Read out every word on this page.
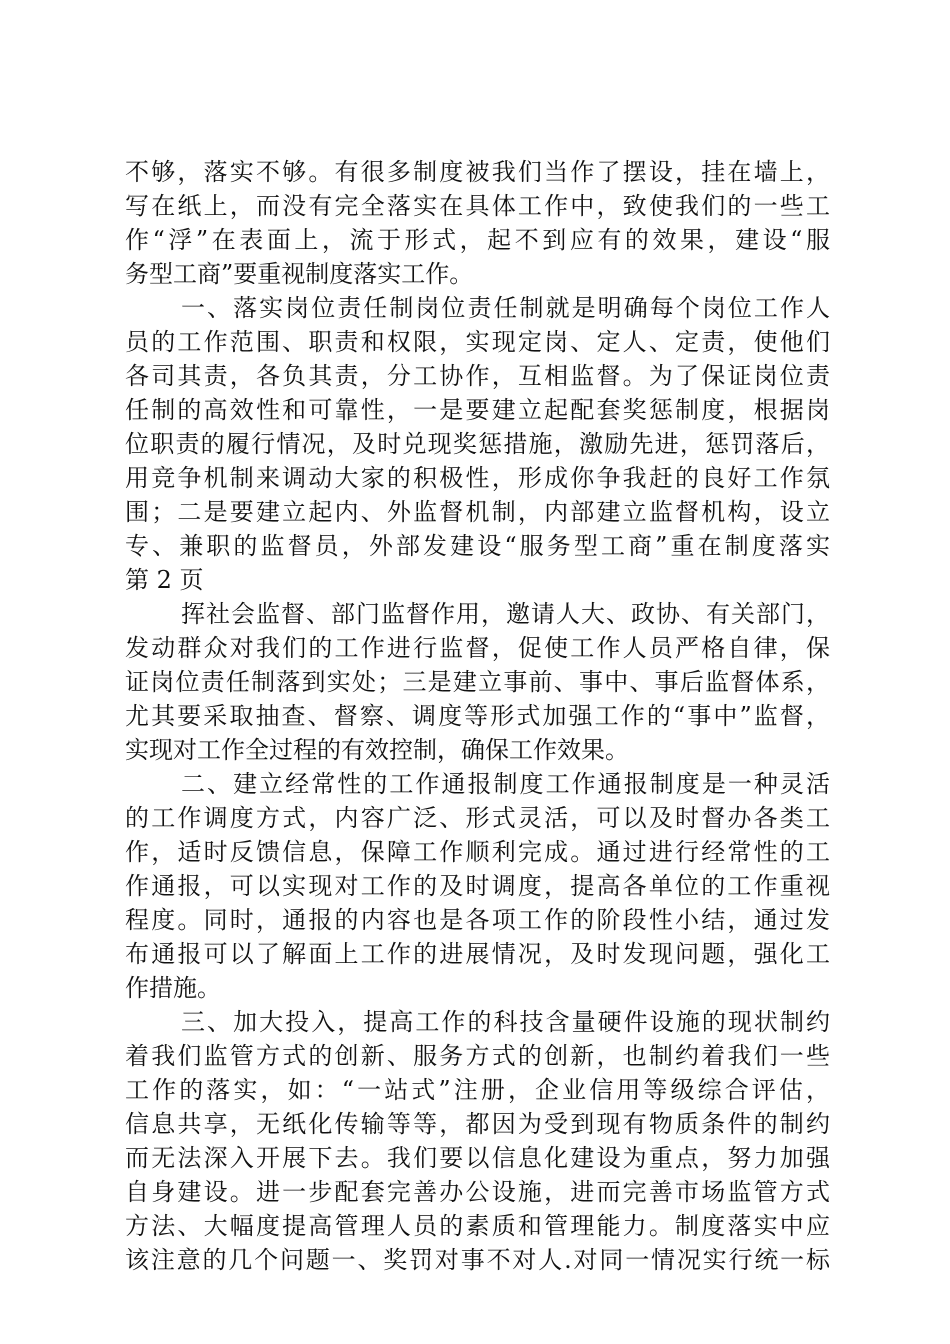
不够，落实不够。有很多制度被我们当作了摆设，挂在墙上，
写在纸上，而没有完全落实在具体工作中，致使我们的一些工
作“浮”在表面上，流于形式，起不到应有的效果，建设“服
务型工商”要重视制度落实工作。
一、落实岗位责任制岗位责任制就是明确每个岗位工作人
员的工作范围、职责和权限，实现定岗、定人、定责，使他们
各司其责，各负其责，分工协作，互相监督。为了保证岗位责
任制的高效性和可靠性，一是要建立起配套奖惩制度，根据岗
位职责的履行情况，及时兑现奖惩措施，激励先进，惩罚落后，
用竞争机制来调动大家的积极性，形成你争我赶的良好工作氛
围；二是要建立起内、外监督机制，内部建立监督机构，设立
专、兼职的监督员，外部发建设“服务型工商”重在制度落实
第 2 页
挥社会监督、部门监督作用，邀请人大、政协、有关部门，
发动群众对我们的工作进行监督，促使工作人员严格自律，保
证岗位责任制落到实处；三是建立事前、事中、事后监督体系，
尤其要采取抽查、督察、调度等形式加强工作的“事中”监督，
实现对工作全过程的有效控制，确保工作效果。
二、建立经常性的工作通报制度工作通报制度是一种灵活
的工作调度方式，内容广泛、形式灵活，可以及时督办各类工
作，适时反馈信息，保障工作顺利完成。通过进行经常性的工
作通报，可以实现对工作的及时调度，提高各单位的工作重视
程度。同时，通报的内容也是各项工作的阶段性小结，通过发
布通报可以了解面上工作的进展情况，及时发现问题，强化工
作措施。
三、加大投入，提高工作的科技含量硬件设施的现状制约
着我们监管方式的创新、服务方式的创新，也制约着我们一些
工作的落实，如：“一站式”注册，企业信用等级综合评估，
信息共享，无纸化传输等等，都因为受到现有物质条件的制约
而无法深入开展下去。我们要以信息化建设为重点，努力加强
自身建设。进一步配套完善办公设施，进而完善市场监管方式
方法、大幅度提高管理人员的素质和管理能力。制度落实中应
该注意的几个问题一、奖罚对事不对人.对同一情况实行统一标
